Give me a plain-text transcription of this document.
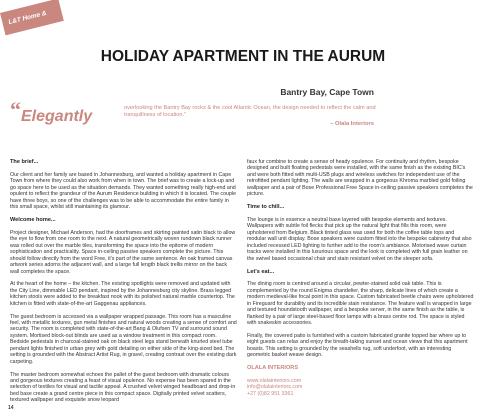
L&T Home & Decor
HOLIDAY APARTMENT IN THE AURUM
Bantry Bay, Cape Town
“ Elegantly	overlooking the Bantry Bay rocks & the cool Atlantic Ocean, the design needed to reflect the calm and tranquillness of location.”
– Olala Interiors
The brief...

Our client and her family are based in Johannesburg, and wanted a holiday apartment in Cape Town from where they could also work from when in town. The brief was to create a lock-up and go space here to be used as the situation demands. They wanted something really high-end and opulent to reflect the grandeur of the Aurum Residence building in which it is located. The couple have three boys, so one of the challenges was to be able to accommodate the entire family in this small space, whilst still maintaining its glamour.

Welcome home...

Project designer, Michael Anderson, had the doorframes and skirting painted satin black to allow the eye to flow from one room to the next. A natural geometrically woven rundown black runner was rolled out over the marble tiles, transforming the space into the epitome of modern sophistication and practicality. Space in-ceiling passive speakers complete the picture. This should follow directly from the word Free, it's part of the same sentence. An oak framed canvas artwork series adorns the adjacent wall, and a large full length black trellis mirror on the back wall completes the space.

At the heart of the home – the kitchen. The existing spotlights were removed and updated with the City Line, dimmable LED pendant, inspired by the Johannesburg city skyline. Brass legged kitchen stools were added to the breakfast nook with its polished natural marble countertop. The kitchen is fitted with state-of-the-art Gaggenau appliances.

The guest bedroom is accessed via a wallpaper wrapped passage. This room has a masculine feel, with metallic textures, gun metal finishes and natural woods creating a sense of comfort and security. The room is completed with state-of-the-art Bang & Olufsen TV and surround sound system. Mortised block-out blinds are used as a window treatment in this compact room. Bedside pedestals in charcoal-stained oak on black steel legs stand beneath knurled steel tube pendant lights finished in urban grey with gold detailing on either side of the king-sized bed. The setting is grounded with the Abstract Artist Rug, in gravel, creating contrast over the existing dark carpeting.

The master bedroom somewhat echoes the pallet of the guest bedroom with dramatic colours and gorgeous textures creating a feast of visual opulence. No expense has been spared in the selection of textiles for visual and tactile appeal. A crushed velvet winged headboard and drop-in bed base create a grand centre piece in this compact space. Digitally printed velvet scatters, textured wallpaper and exquisite snow leopard

faux fur combine to create a sense of heady opulence. For continuity and rhythm, bespoke designed and built floating pedestals were installed, with the same finish as the existing BIC's and were both fitted with multi-USB plugs and wireless switches for independent use of the retrofitted pendant lighting. The walls are wrapped in a gorgeous Khroma marbled gold foiling wallpaper and a pair of Bose Professional Free Space in-ceiling passive speakers completes the picture.

Time to chill...

The lounge is in essence a neutral base layered with bespoke elements and textures. Wallpapers with subtle foil flecks that pick up the natural light that fills this room, were upholstered from Belgium. Black tinted glass was used for both the coffee table tops and modular wall unit display. Bose speakers were custom fitted into the bespoke cabinetry that also included recessed LED lighting to further add to the room's ambiance. Motorised wave curtain tracks were installed in this luxurious space and the look is completed with full grain leather on the swivel based occasional chair and stain resistant velvet on the sleeper sofa.

Let's eat...

The dining room is centred around a circular, pewter-stained solid oak table. This is complemented by the round Enigma chandelier, the sharp, delicate lines of which create a modern medieval-like focal point in this space. Custom fabricated beetle chairs were upholstered in Fireguard for durability and its incredible stain resistance. The feature wall is wrapped in large and textured houndstooth wallpaper, and a bespoke server, in the same finish as the table, is flanked by a pair of large steel-based floor lamps with a brass centre rod. The space is styled with snakeskin accessories.

Finally, the covered patio is furnished with a custom fabricated granite topped bar where up to eight guests can relax and enjoy the breath-taking sunset and ocean views that this apartment boasts. This setting is grounded by the seashells rug, soft underfoot, with an interesting geometric basket weave design.

OLALA INTERIORS

www.olalainteriors.com

info@olalainteriors.com

+27 (0)82 951 3361

14
